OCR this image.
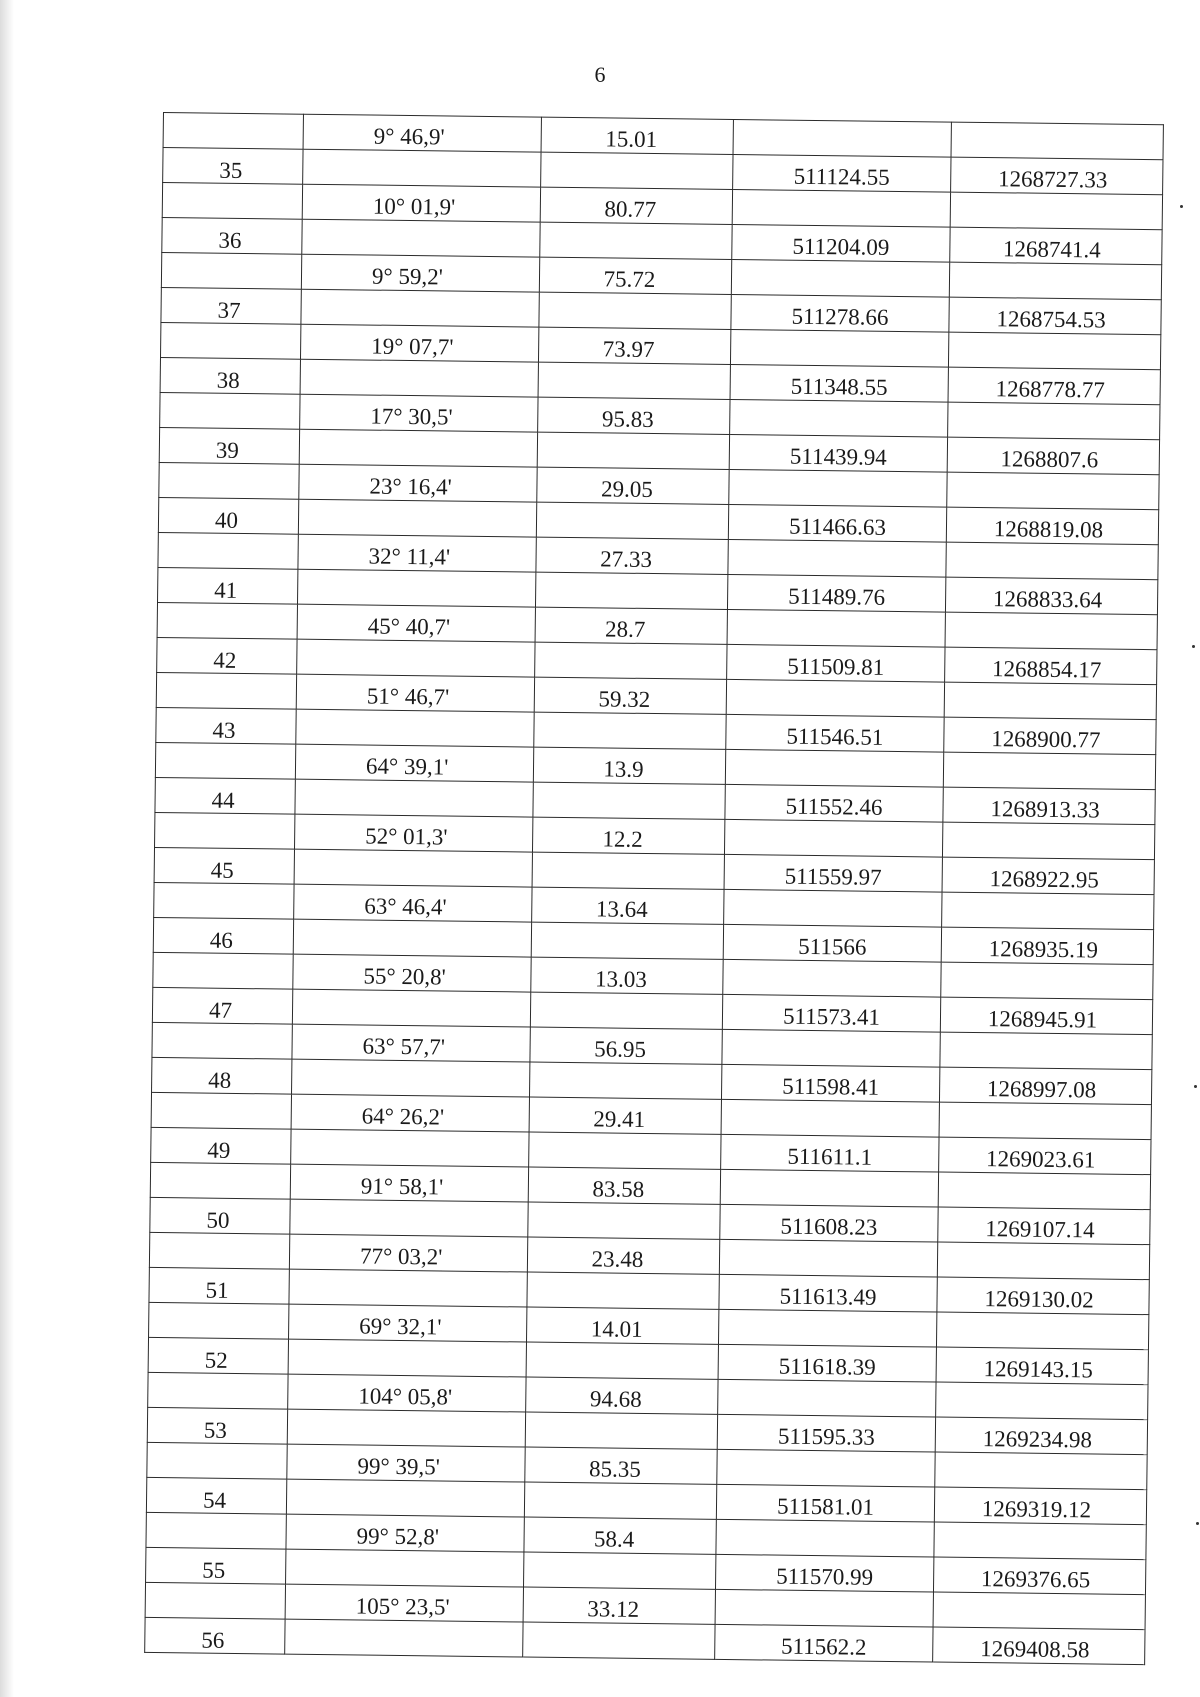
6
	9° 46,9'	15.01		
35			511124.55	1268727.33
	10° 01,9'	80.77		
36			511204.09	1268741.4
	9° 59,2'	75.72		
37			511278.66	1268754.53
	19° 07,7'	73.97		
38			511348.55	1268778.77
	17° 30,5'	95.83		
39			511439.94	1268807.6
	23° 16,4'	29.05		
40			511466.63	1268819.08
	32° 11,4'	27.33		
41			511489.76	1268833.64
	45° 40,7'	28.7		
42			511509.81	1268854.17
	51° 46,7'	59.32		
43			511546.51	1268900.77
	64° 39,1'	13.9		
44			511552.46	1268913.33
	52° 01,3'	12.2		
45			511559.97	1268922.95
	63° 46,4'	13.64		
46			511566	1268935.19
	55° 20,8'	13.03		
47			511573.41	1268945.91
	63° 57,7'	56.95		
48			511598.41	1268997.08
	64° 26,2'	29.41		
49			511611.1	1269023.61
	91° 58,1'	83.58		
50			511608.23	1269107.14
	77° 03,2'	23.48		
51			511613.49	1269130.02
	69° 32,1'	14.01		
52			511618.39	1269143.15
	104° 05,8'	94.68		
53			511595.33	1269234.98
	99° 39,5'	85.35		
54			511581.01	1269319.12
	99° 52,8'	58.4		
55			511570.99	1269376.65
	105° 23,5'	33.12		
56			511562.2	1269408.58
